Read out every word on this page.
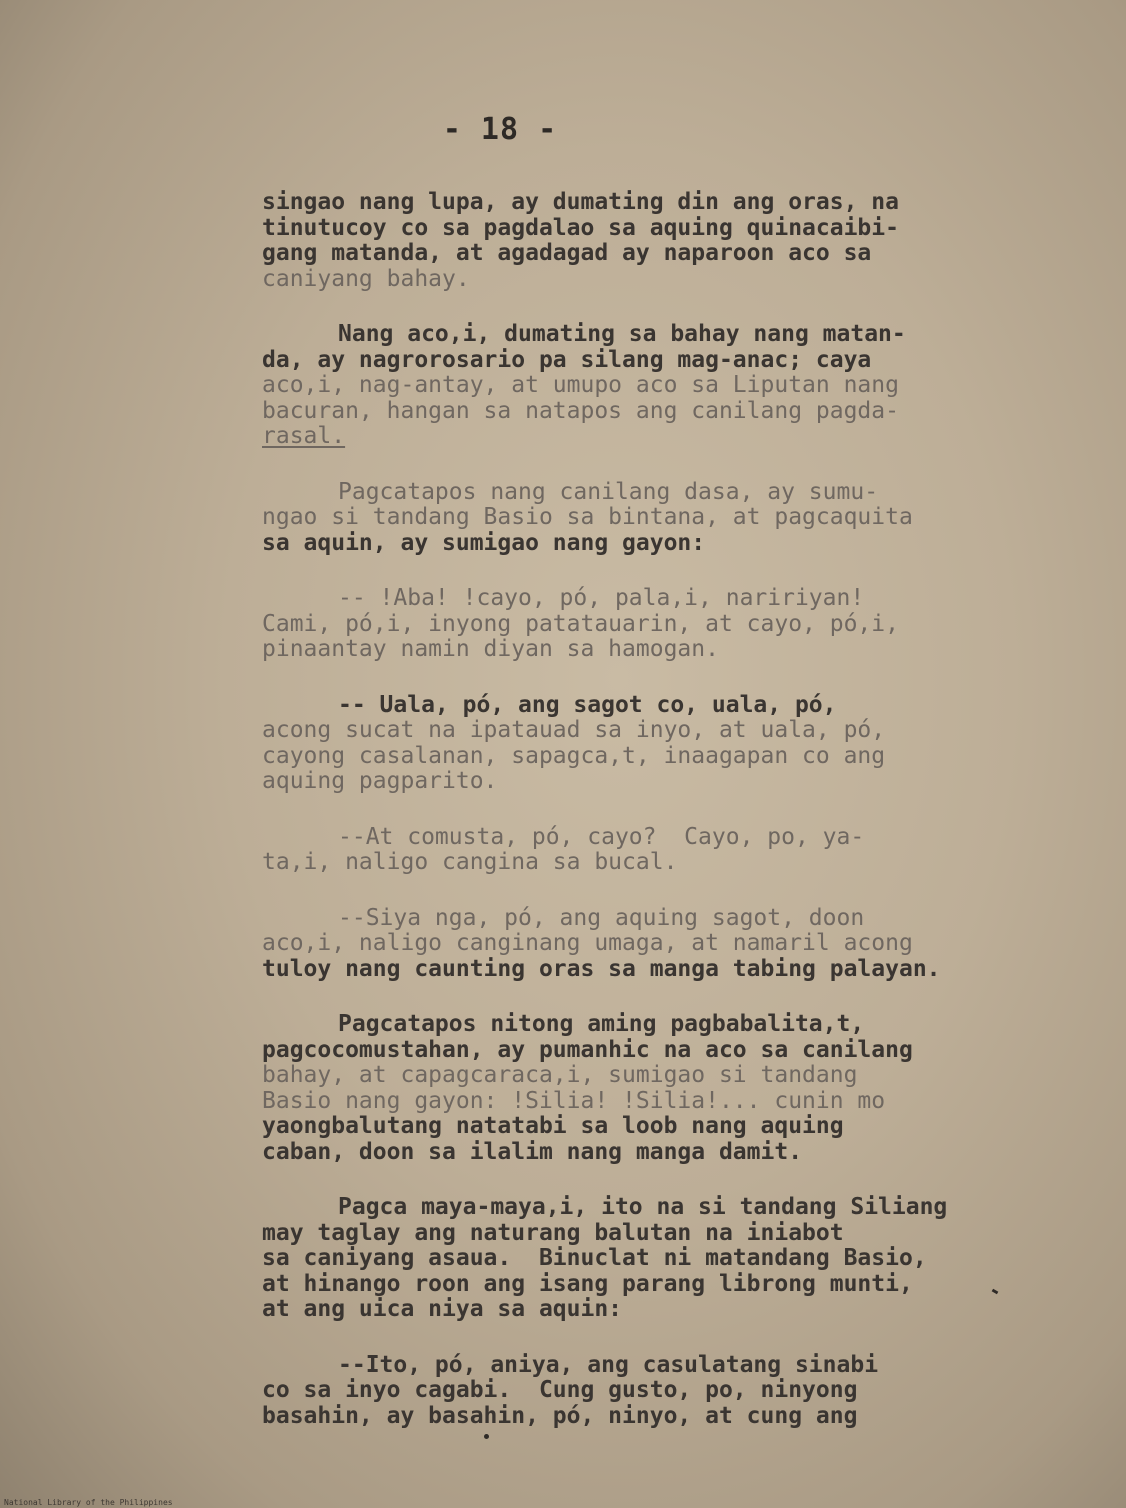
- 18 -
singao nang lupa, ay dumating din ang oras, na
tinutucoy co sa pagdalao sa aquing quinacaibi-
gang matanda, at agadagad ay naparoon aco sa
caniyang bahay.
Nang aco,i, dumating sa bahay nang matan-
da, ay nagrorosario pa silang mag-anac; caya
aco,i, nag-antay, at umupo aco sa Liputan nang
bacuran, hangan sa natapos ang canilang pagda-
rasal.
Pagcatapos nang canilang dasa, ay sumu-
ngao si tandang Basio sa bintana, at pagcaquita
sa aquin, ay sumigao nang gayon:
-- !Aba! !cayo, pó, pala,i, naririyan!
Cami, pó,i, inyong patatauarin, at cayo, pó,i,
pinaantay namin diyan sa hamogan.
-- Uala, pó, ang sagot co, uala, pó,
acong sucat na ipatauad sa inyo, at uala, pó,
cayong casalanan, sapagca,t, inaagapan co ang
aquing pagparito.
--At comusta, pó, cayo?  Cayo, po, ya-
ta,i, naligo cangina sa bucal.
--Siya nga, pó, ang aquing sagot, doon
aco,i, naligo canginang umaga, at namaril acong
tuloy nang caunting oras sa manga tabing palayan.
Pagcatapos nitong aming pagbabalita,t,
pagcocomustahan, ay pumanhic na aco sa canilang
bahay, at capagcaraca,i, sumigao si tandang
Basio nang gayon: !Silia! !Silia!... cunin mo
yaongbalutang natatabi sa loob nang aquing
caban, doon sa ilalim nang manga damit.
Pagca maya-maya,i, ito na si tandang Siliang
may taglay ang naturang balutan na iniabot
sa caniyang asaua.  Binuclat ni matandang Basio,
at hinango roon ang isang parang librong munti,
at ang uica niya sa aquin:
--Ito, pó, aniya, ang casulatang sinabi
co sa inyo cagabi.  Cung gusto, po, ninyong
basahin, ay basahin, pó, ninyo, at cung ang
National Library of the Philippines
